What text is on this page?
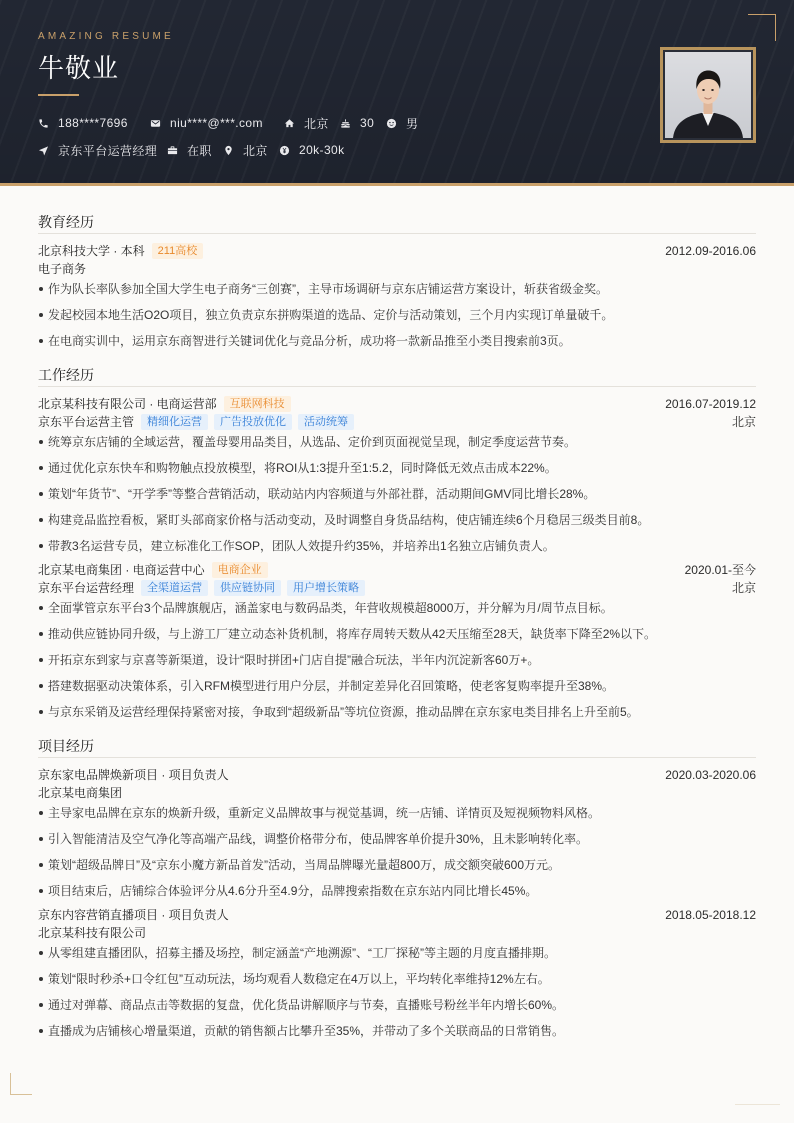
AMAZING RESUME
牛敬业
188****7696	niu****@***.com	北京	30	男
京东平台运营经理 在职	北京	20k-30k
教育经历
北京科技大学 · 本科	211高校	2012.09-2016.06
电子商务
作为队长率队参加全国大学生电子商务“三创赛”，主导市场调研与京东店铺运营方案设计，斩获省级金奖。
发起校园本地生活O2O项目，独立负责京东拼购渠道的选品、定价与活动策划，三个月内实现订单量破千。
在电商实训中，运用京东商智进行关键词优化与竞品分析，成功将一款新品推至小类目搜索前3页。
工作经历
北京某科技有限公司 · 电商运营部	互联网科技	2016.07-2019.12
京东平台运营主管	精细化运营	广告投放优化	活动统筹	北京
统筹京东店铺的全域运营，覆盖母婴用品类目，从选品、定价到页面视觉呈现，制定季度运营节奏。
通过优化京东快车和购物触点投放模型，将ROI从1:3提升至1:5.2，同时降低无效点击成本22%。
策划“年货节”、“开学季”等整合营销活动，联动站内内容频道与外部社群，活动期间GMV同比增长28%。
构建竞品监控看板，紧盯头部商家价格与活动变动，及时调整自身货品结构，使店铺连续6个月稳居三级类目前8。
带教3名运营专员，建立标准化工作SOP，团队人效提升约35%，并培养出1名独立店铺负责人。
北京某电商集团 · 电商运营中心	电商企业	2020.01-至今
京东平台运营经理	全渠道运营	供应链协同	用户增长策略	北京
全面掌管京东平台3个品牌旗舰店，涵盖家电与数码品类，年营收规模超8000万，并分解为月/周节点目标。
推动供应链协同升级，与上游工厂建立动态补货机制，将库存周转天数从42天压缩至28天，缺货率下降至2%以下。
开拓京东到家与京喜等新渠道，设计“限时拼团+门店自提”融合玩法，半年内沉淀新客60万+。
搭建数据驱动决策体系，引入RFM模型进行用户分层，并制定差异化召回策略，使老客复购率提升至38%。
与京东采销及运营经理保持紧密对接，争取到“超级新品”等坑位资源，推动品牌在京东家电类目排名上升至前5。
项目经历
京东家电品牌焕新项目 · 项目负责人	2020.03-2020.06
北京某电商集团
主导家电品牌在京东的焕新升级，重新定义品牌故事与视觉基调，统一店铺、详情页及短视频物料风格。
引入智能清洁及空气净化等高端产品线，调整价格带分布，使品牌客单价提升30%，且未影响转化率。
策划“超级品牌日”及“京东小魔方新品首发”活动，当周品牌曝光量超800万，成交额突破600万元。
项目结束后，店铺综合体验评分从4.6分升至4.9分，品牌搜索指数在京东站内同比增长45%。
京东内容营销直播项目 · 项目负责人	2018.05-2018.12
北京某科技有限公司
从零组建直播团队，招募主播及场控，制定涵盖“产地溯源”、“工厂探秘”等主题的月度直播排期。
策划“限时秒杀+口令红包”互动玩法，场均观看人数稳定在4万以上，平均转化率维持12%左右。
通过对弹幕、商品点击等数据的复盘，优化货品讲解顺序与节奏，直播账号粉丝半年内增长60%。
直播成为店铺核心增量渠道，贡献的销售额占比攀升至35%，并带动了多个关联商品的日常销售。
